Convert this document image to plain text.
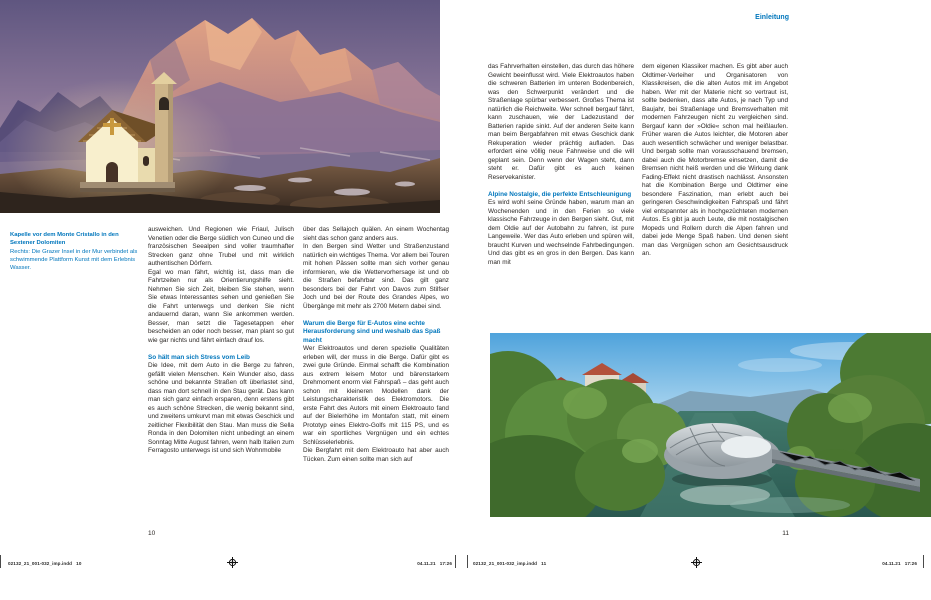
Kapelle vor dem Monte Cristallo in den Sextener Dolomiten
Rechts: Die Grazer Insel in der Mur verbindet als schwimmende Plattform Kunst mit dem Erlebnis Wasser.
ausweichen. Und Regionen wie Friaul, Julisch Venetien oder die Berge südlich von Cuneo und die französischen Seealpen sind voller traumhafter Strecken ganz ohne Trubel und mit wirklich authentischen Dörfern.
Egal wo man fährt, wichtig ist, dass man die Fahrtzeiten nur als Orientierungshilfe sieht. Nehmen Sie sich Zeit, bleiben Sie stehen, wenn Sie etwas Interessantes sehen und genießen Sie die Fahrt unterwegs und denken Sie nicht andauernd daran, wann Sie ankommen werden. Besser, man setzt die Tagesetappen eher bescheiden an oder noch besser, man plant so gut wie gar nichts und fährt einfach drauf los.
So hält man sich Stress vom Leib
Die Idee, mit dem Auto in die Berge zu fahren, gefällt vielen Menschen. Kein Wunder also, dass schöne und bekannte Straßen oft überlastet sind, dass man dort schnell in den Stau gerät. Das kann man sich ganz einfach ersparen, denn erstens gibt es auch schöne Strecken, die wenig bekannt sind, und zweitens umkurvt man mit etwas Geschick und zeitlicher Flexibilität den Stau. Man muss die Sella Ronda in den Dolomiten nicht unbedingt an einem Sonntag Mitte August fahren, wenn halb Italien zum Ferragosto unterwegs ist und sich Wohnmobile
über das Sellajoch quälen. An einem Wochentag sieht das schon ganz anders aus.
In den Bergen sind Wetter und Straßenzustand natürlich ein wichtiges Thema. Vor allem bei Touren mit hohen Pässen sollte man sich vorher genau informieren, wie die Wettervorhersage ist und ob die Straßen befahrbar sind. Das gilt ganz besonders bei der Fahrt von Davos zum Stilfser Joch und bei der Route des Grandes Alpes, wo Übergänge mit mehr als 2700 Metern dabei sind.
Warum die Berge für E-Autos eine echte Herausforderung sind und weshalb das Spaß macht
Wer Elektroautos und deren spezielle Qualitäten erleben will, der muss in die Berge. Dafür gibt es zwei gute Gründe. Einmal schafft die Kombination aus extrem leisem Motor und bärenstarkem Drehmoment enorm viel Fahrspaß – das geht auch schon mit kleineren Modellen dank der Leistungscharakteristik des Elektromotors. Die erste Fahrt des Autors mit einem Elektroauto fand auf der Bielerhöhe im Montafon statt, mit einem Prototyp eines Elektro-Golfs mit 115 PS, und es war ein sportliches Vergnügen und ein echtes Schlüsselerlebnis.
Die Bergfahrt mit dem Elektroauto hat aber auch Tücken. Zum einen sollte man sich auf
10
Einleitung
das Fahrverhalten einstellen, das durch das höhere Gewicht beeinflusst wird. Viele Elektroautos haben die schweren Batterien im unteren Bodenbereich, was den Schwerpunkt verändert und die Straßenlage spürbar verbessert. Großes Thema ist natürlich die Reichweite. Wer schnell bergauf fährt, kann zuschauen, wie der Ladezustand der Batterien rapide sinkt. Auf der anderen Seite kann man beim Bergabfahren mit etwas Geschick dank Rekuperation wieder prächtig aufladen. Das erfordert eine völlig neue Fahrweise und die will geplant sein. Denn wenn der Wagen steht, dann steht er. Dafür gibt es auch keinen Reservekanister.
Alpine Nostalgie, die perfekte Entschleunigung
Es wird wohl seine Gründe haben, warum man an Wochenenden und in den Ferien so viele klassische Fahrzeuge in den Bergen sieht. Gut, mit dem Oldie auf der Autobahn zu fahren, ist pure Langeweile. Wer das Auto erleben und spüren will, braucht Kurven und wechselnde Fahrbedingungen. Und das gibt es en gros in den Bergen. Das kann man mit
dem eigenen Klassiker machen. Es gibt aber auch Oldtimer-Verleiher und Organisatoren von Klassikreisen, die die alten Autos mit im Angebot haben. Wer mit der Materie nicht so vertraut ist, sollte bedenken, dass alte Autos, je nach Typ und Baujahr, bei Straßenlage und Bremsverhalten mit modernen Fahrzeugen nicht zu vergleichen sind. Bergauf kann der »Oldie« schon mal heißlaufen. Früher waren die Autos leichter, die Motoren aber auch wesentlich schwächer und weniger belastbar. Und bergab sollte man vorausschauend bremsen, dabei auch die Motorbremse einsetzen, damit die Bremsen nicht heiß werden und die Wirkung dank Fading-Effekt nicht drastisch nachlässt. Ansonsten hat die Kombination Berge und Oldtimer eine besondere Faszination, man erlebt auch bei geringeren Geschwindigkeiten Fahrspaß und fährt viel entspannter als in hochgezüchteten modernen Autos. Es gibt ja auch Leute, die mit nostalgischen Mopeds und Rollern durch die Alpen fahren und dabei jede Menge Spaß haben. Und denen sieht man das Vergnügen schon am Gesichtsausdruck an.
11
02132_21_001-032_imp.indd   10	04.11.21   17:26	02132_21_001-032_imp.indd   11	04.11.21   17:26
